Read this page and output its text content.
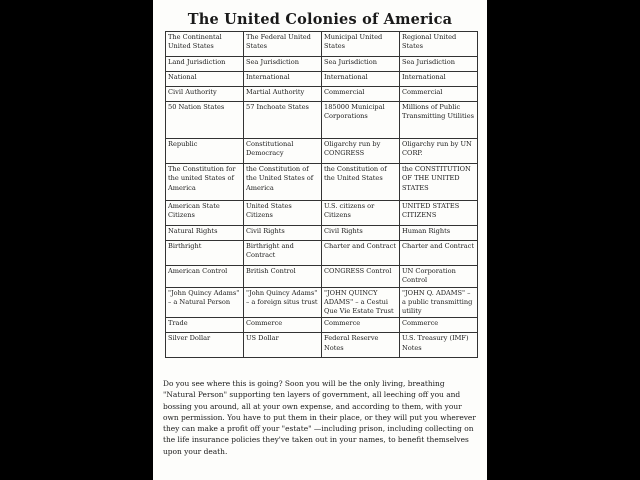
The United Colonies of America
The Continental United States	The Federal United States	Municipal United States	Regional United States
Land Jurisdiction	Sea Jurisdiction	Sea Jurisdiction	Sea Jurisdiction
National	International	International	International
Civil Authority	Martial Authority	Commercial	Commercial
50 Nation States	57 Inchoate States	185000 Municipal Corporations	Millions of Public Transmitting Utilities
Republic	Constitutional Democracy	Oligarchy run by CONGRESS	Oligarchy run by UN CORP.
The Constitution for the united States of America	the Constitution of the United States of America	the Constitution of the United States	the CONSTITUTION OF THE UNITED STATES
American State Citizens	United States Citizens	U.S. citizens or Citizens	UNITED STATES CITIZENS
Natural Rights	Civil Rights	Civil Rights	Human Rights
Birthright	Birthright and Contract	Charter and Contract	Charter and Contract
American Control	British Control	CONGRESS Control	UN Corporation Control
"John Quincy Adams" – a Natural Person	"John Quincy Adams" – a foreign situs trust	"JOHN QUINCY ADAMS" – a Cestui Que Vie Estate Trust	"JOHN Q. ADAMS" – a public transmitting utility
Trade	Commerce	Commerce	Commerce
Silver Dollar	US Dollar	Federal Reserve Notes	U.S. Treasury (IMF) Notes

Do you see where this is going? Soon you will be the only living, breathing "Natural Person" supporting ten layers of government, all leeching off you and bossing you around, all at your own expense, and according to them, with your own permission. You have to put them in their place, or they will put you wherever they can make a profit off your "estate" —including prison, including collecting on the life insurance policies they've taken out in your names, to benefit themselves upon your death.
